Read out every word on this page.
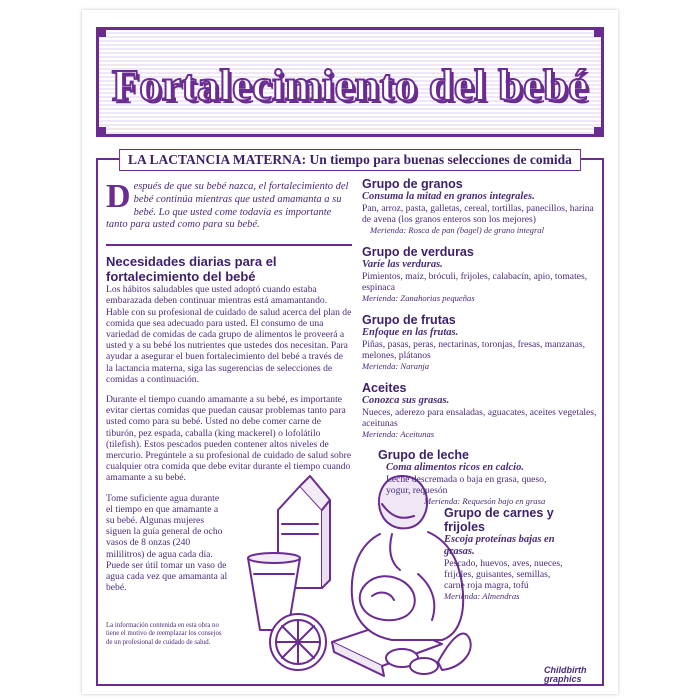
Fortalecimiento del bebé
LA LACTANCIA MATERNA: Un tiempo para buenas selecciones de comida
Después de que su bebé nazca, el fortalecimiento del bebé continúa mientras que usted amamanta a su bebé. Lo que usted come todavía es importante tanto para usted como para su bebé.
Necesidades diarias para el fortalecimiento del bebé

Los hábitos saludables que usted adoptó cuando estaba embarazada deben continuar mientras está amamantando. Hable con su profesional de cuidado de salud acerca del plan de comida que sea adecuado para usted. El consumo de una variedad de comidas de cada grupo de alimentos le proveerá a usted y a su bebé los nutrientes que ustedes dos necesitan. Para ayudar a asegurar el buen fortalecimiento del bebé a través de la lactancia materna, siga las sugerencias de selecciones de comidas a continuación.

Durante el tiempo cuando amamante a su bebé, es importante evitar ciertas comidas que puedan causar problemas tanto para usted como para su bebé. Usted no debe comer carne de tiburón, pez espada, caballa (king mackerel) o lofolátilo (tilefish). Estos pescados pueden contener altos niveles de mercurio. Pregúntele a su profesional de cuidado de salud sobre cualquier otra comida que debe evitar durante el tiempo cuando amamante a su bebé.

Tome suficiente agua durante el tiempo en que amamante a su bebé. Algunas mujeres siguen la guía general de ocho vasos de 8 onzas (240 mililitros) de agua cada día. Puede ser útil tomar un vaso de agua cada vez que amamanta al bebé.

La información contenida en esta obra no tiene el motivo de reemplazar los consejos de un profesional de cuidado de salud.
Grupo de granos
Consuma la mitad en granos integrales.
Pan, arroz, pasta, galletas, cereal, tortillas, panecillos, harina de avena (los granos enteros son los mejores)
Merienda: Rosca de pan (bagel) de grano integral
Grupo de verduras
Varíe las verduras.
Pimientos, maíz, bróculi, frijoles, calabacín, apio, tomates, espinaca
Merienda: Zanahorias pequeñas
Grupo de frutas
Enfoque en las frutas.
Piñas, pasas, peras, nectarinas, toronjas, fresas, manzanas, melones, plátanos
Merienda: Naranja
Aceites
Conozca sus grasas.
Nueces, aderezo para ensaladas, aguacates, aceites vegetales, aceitunas
Merienda: Aceitunas
Grupo de leche
Coma alimentos ricos en calcio.
Leche descremada o baja en grasa, queso, yogur, requesón
Merienda: Requesón bajo en grasa
Grupo de carnes y frijoles
Escoja proteínas bajas en grasas.
Pescado, huevos, aves, nueces, frijoles, guisantes, semillas, carne roja magra, tofú
Merienda: Almendras
Childbirth
graphics
